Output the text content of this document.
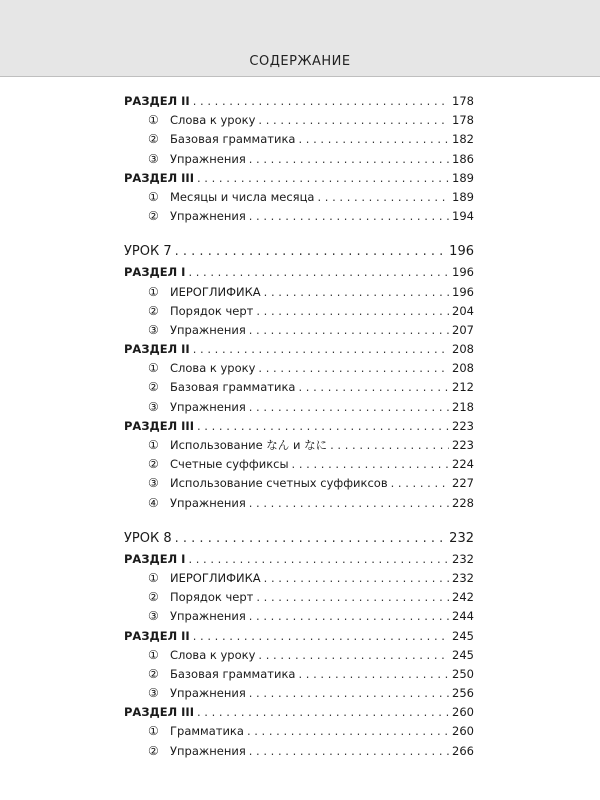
СОДЕРЖАНИЕ
РАЗДЕЛ II . . .	178
① Слова к уроку . . .	178
② Базовая грамматика . . .	182
③ Упражнения . . .	186
РАЗДЕЛ III . . .	189
① Месяцы и числа месяца . . .	189
② Упражнения . . .	194
УРОК 7 . . .	196
РАЗДЕЛ I . . .	196
① ИЕРОГЛИФИКА . . .	196
② Порядок черт . . .	204
③ Упражнения . . .	207
РАЗДЕЛ II . . .	208
① Слова к уроку . . .	208
② Базовая грамматика . . .	212
③ Упражнения . . .	218
РАЗДЕЛ III . . .	223
① Использование なん и なに . . .	223
② Счетные суффиксы . . .	224
③ Использование счетных суффиксов . . .	227
④ Упражнения . . .	228
УРОК 8 . . .	232
РАЗДЕЛ I . . .	232
① ИЕРОГЛИФИКА . . .	232
② Порядок черт . . .	242
③ Упражнения . . .	244
РАЗДЕЛ II . . .	245
① Слова к уроку . . .	245
② Базовая грамматика . . .	250
③ Упражнения . . .	256
РАЗДЕЛ III . . .	260
① Грамматика . . .	260
② Упражнения . . .	266
